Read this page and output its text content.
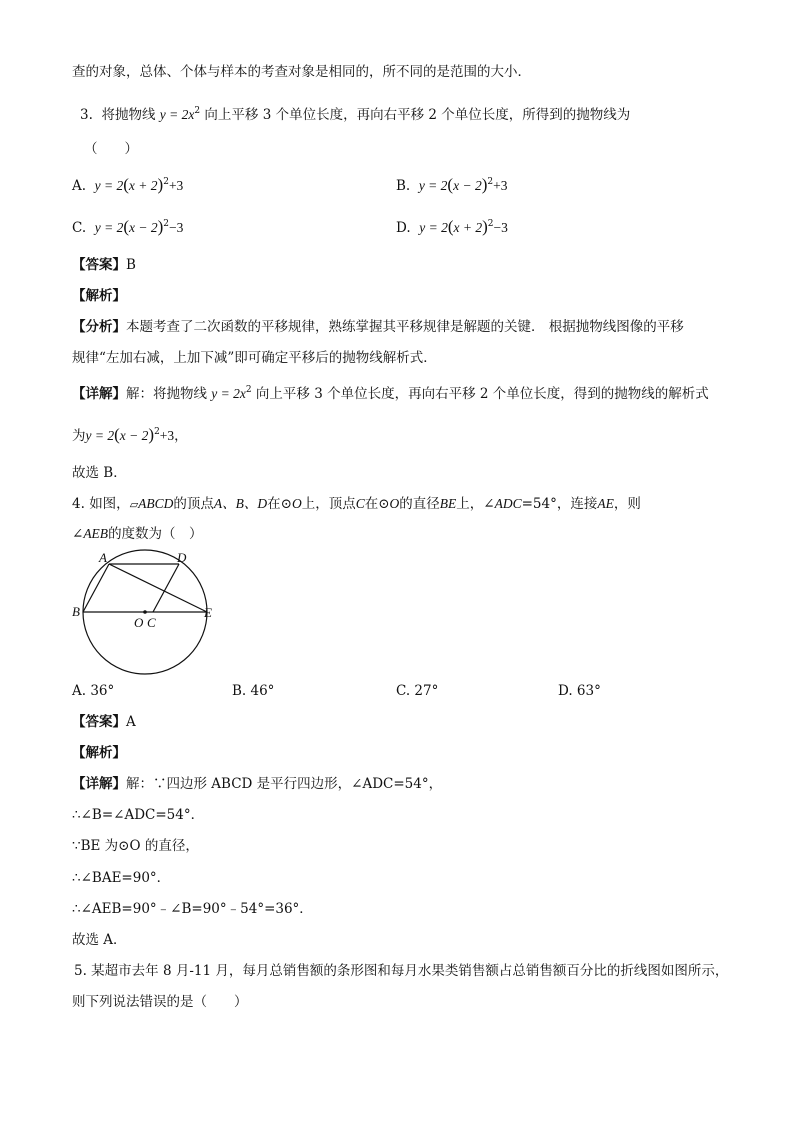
查的对象，总体、个体与样本的考查对象是相同的，所不同的是范围的大小．
3. 将抛物线 $y = 2x^2$ 向上平移 3 个单位长度，再向右平移 2 个单位长度，所得到的抛物线为
（　　）
A. $y = 2(x + 2)^2+3$	B. $y = 2(x - 2)^2+3$
C. $y = 2(x - 2)^2-3$	D. $y = 2(x + 2)^2-3$
【答案】B
【解析】
【分析】本题考查了二次函数的平移规律，熟练掌握其平移规律是解题的关键． 根据抛物线图像的平移
规律“左加右减，上加下减”即可确定平移后的抛物线解析式．
【详解】解：将抛物线 $y = 2x^2$ 向上平移 3 个单位长度，再向右平移 2 个单位长度，得到的抛物线的解析式
为$y = 2(x - 2)^2+3$，
故选 B．
4. 如图，▱ABCD的顶点A、B、D在⊙O上，顶点C在⊙O的直径BE上，∠ADC=54°，连接AE，则
∠AEB的度数为（　）
A	D
B	E
O C
A. 36°	B. 46°	C. 27°	D. 63°
【答案】A
【解析】
【详解】解：∵四边形 ABCD 是平行四边形，∠ADC=54°，
∴∠B=∠ADC=54°．
∵BE 为⊙O 的直径，
∴∠BAE=90°．
∴∠AEB=90°﹣∠B=90°﹣54°=36°．
故选 A．
5. 某超市去年 8 月-11 月，每月总销售额的条形图和每月水果类销售额占总销售额百分比的折线图如图所示，
则下列说法错误的是（　　）
